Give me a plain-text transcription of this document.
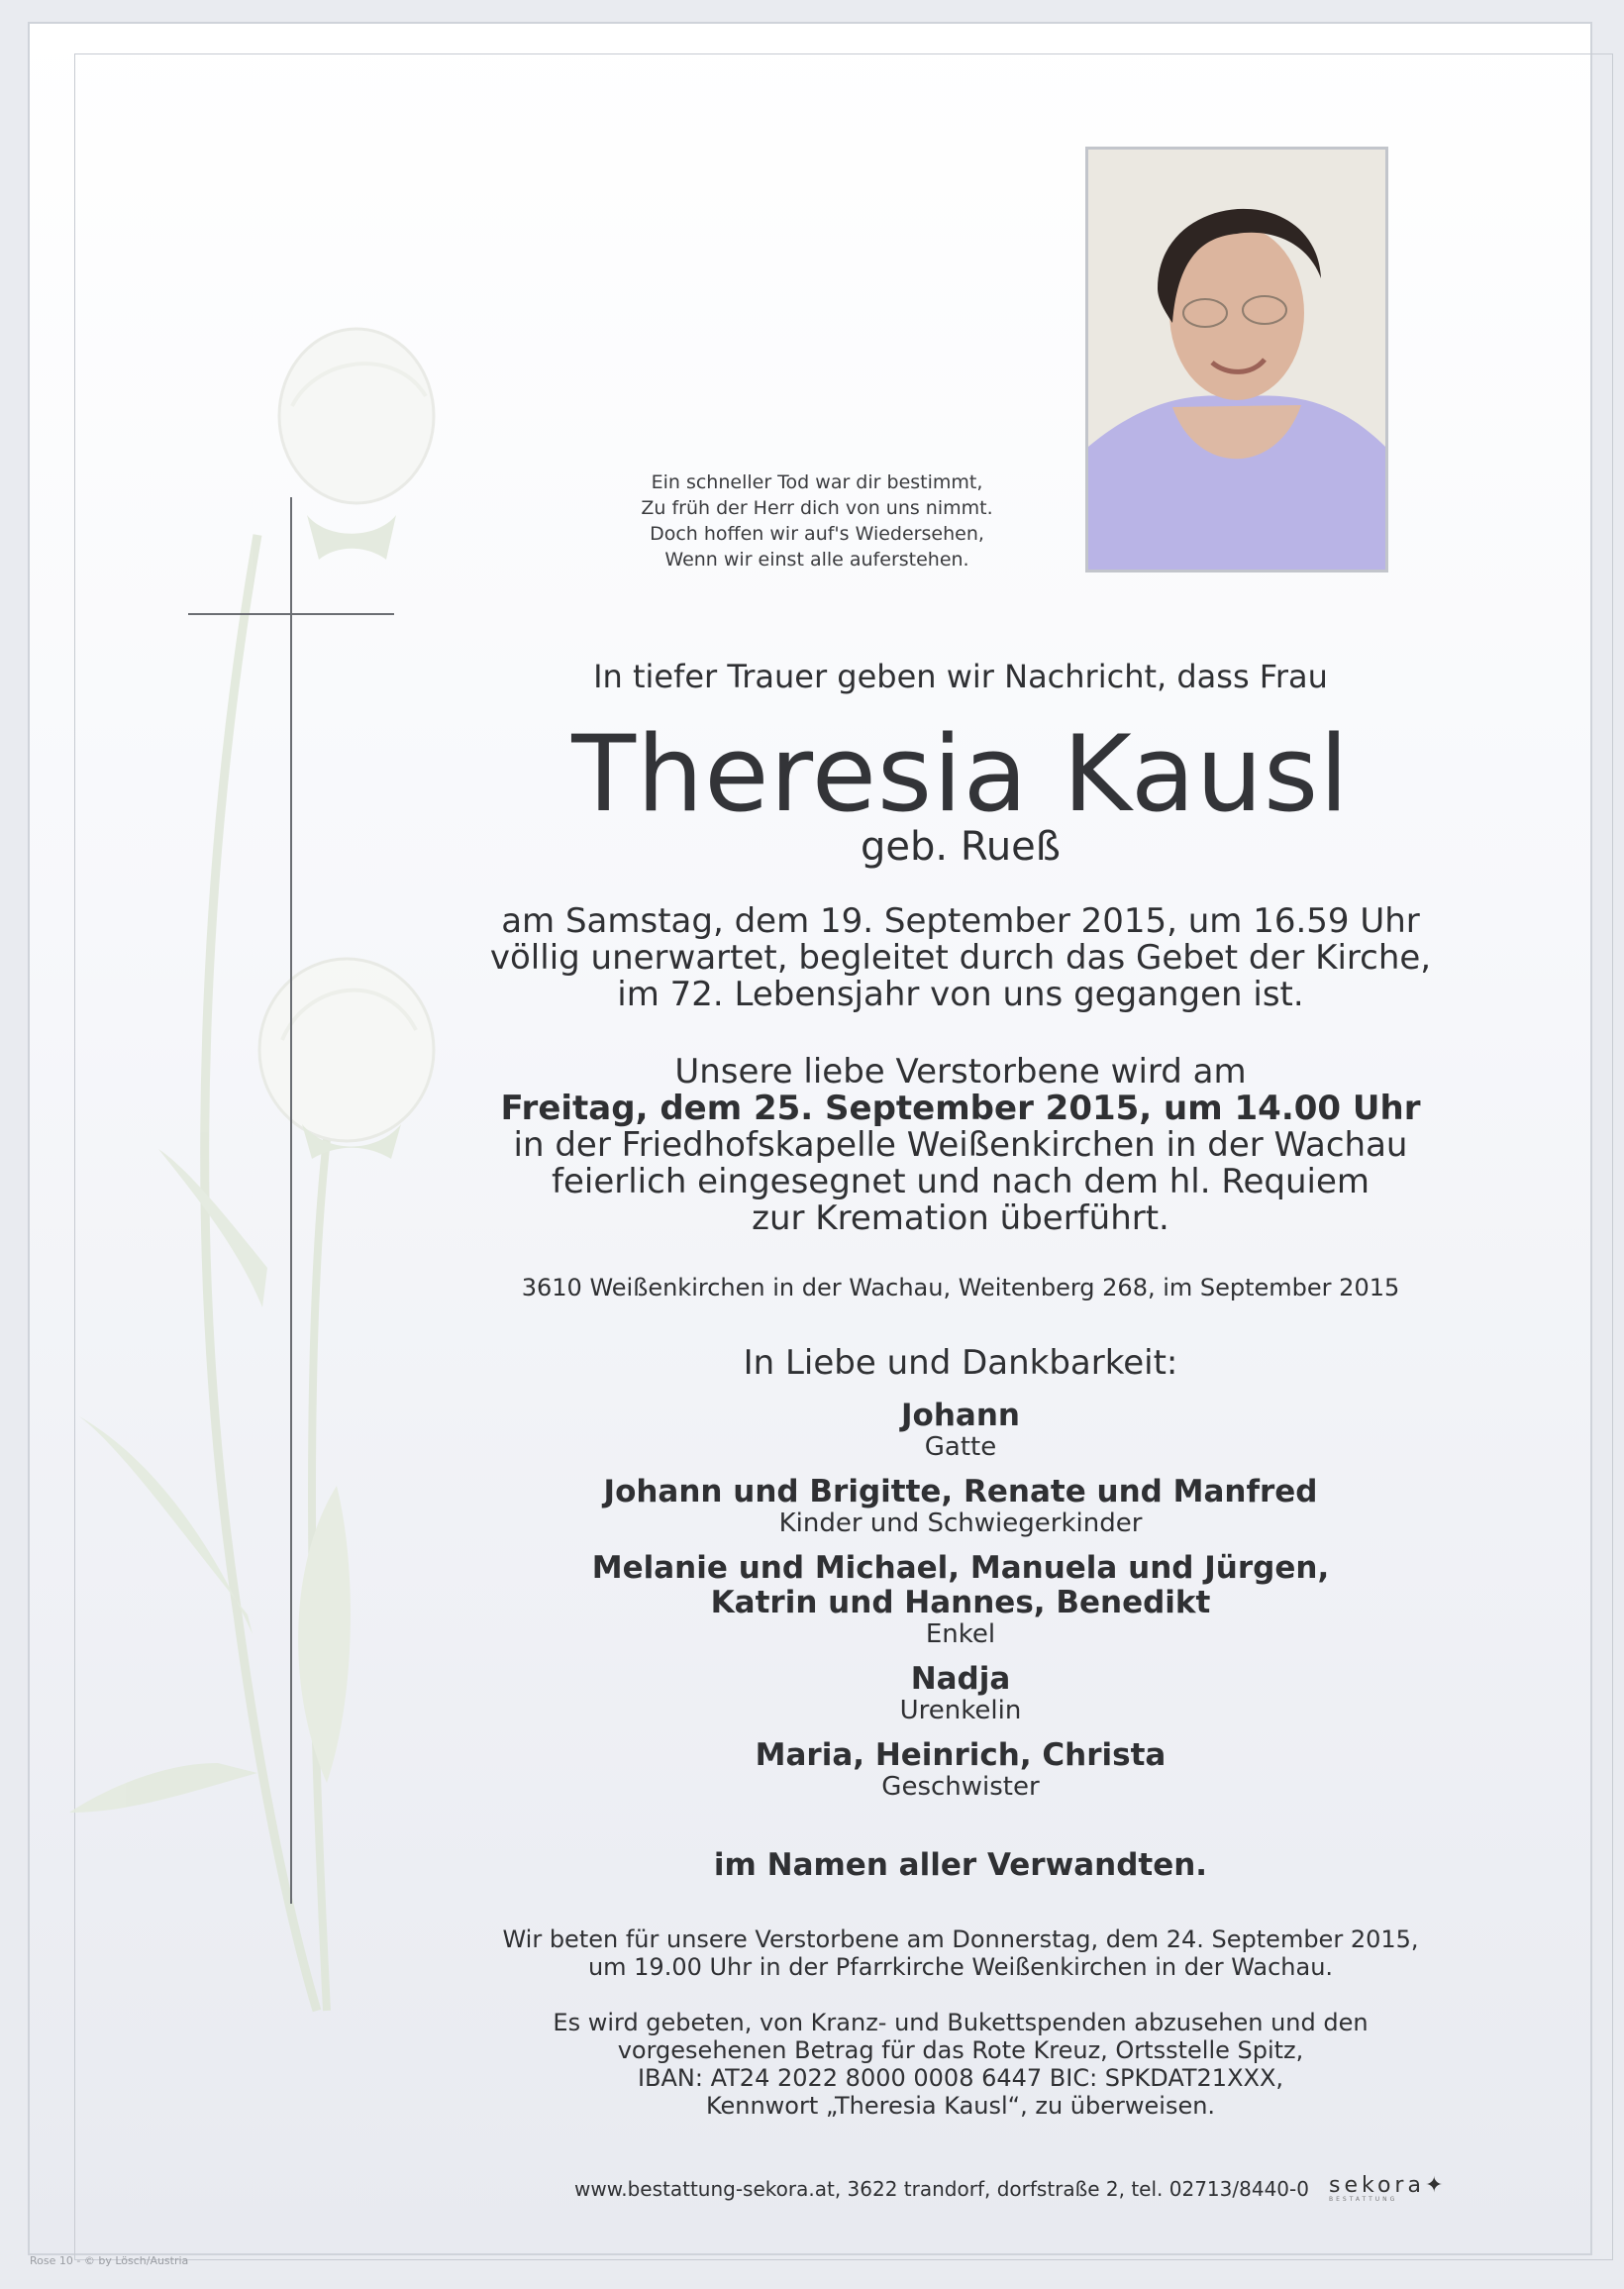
Ein schneller Tod war dir bestimmt,
Zu früh der Herr dich von uns nimmt.
Doch hoffen wir auf's Wiedersehen,
Wenn wir einst alle auferstehen.
In tiefer Trauer geben wir Nachricht, dass Frau
Theresia Kausl
geb. Rueß
am Samstag, dem 19. September 2015, um 16.59 Uhr
völlig unerwartet, begleitet durch das Gebet der Kirche,
im 72. Lebensjahr von uns gegangen ist.
Unsere liebe Verstorbene wird am
Freitag, dem 25. September 2015, um 14.00 Uhr
in der Friedhofskapelle Weißenkirchen in der Wachau
feierlich eingesegnet und nach dem hl. Requiem
zur Kremation überführt.
3610 Weißenkirchen in der Wachau, Weitenberg 268, im September 2015
In Liebe und Dankbarkeit:
Johann
Gatte
Johann und Brigitte, Renate und Manfred
Kinder und Schwiegerkinder
Melanie und Michael, Manuela und Jürgen,
Katrin und Hannes, Benedikt
Enkel
Nadja
Urenkelin
Maria, Heinrich, Christa
Geschwister
im Namen aller Verwandten.
Wir beten für unsere Verstorbene am Donnerstag, dem 24. September 2015,
um 19.00 Uhr in der Pfarrkirche Weißenkirchen in der Wachau.
Es wird gebeten, von Kranz- und Bukettspenden abzusehen und den
vorgesehenen Betrag für das Rote Kreuz, Ortsstelle Spitz,
IBAN: AT24 2022 8000 0008 6447 BIC: SPKDAT21XXX,
Kennwort „Theresia Kausl“, zu überweisen.
www.bestattung-sekora.at, 3622 trandorf, dorfstraße 2, tel. 02713/8440-0 sekora✦
BESTATTUNG
Rose 10 - © by Lösch/Austria
